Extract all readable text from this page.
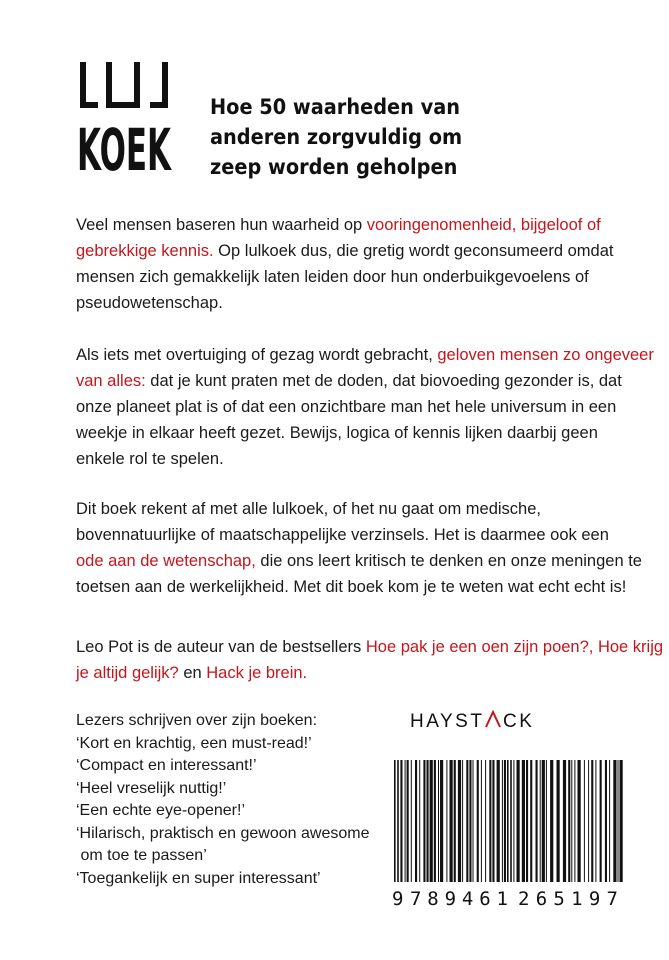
KOEK
Hoe 50 waarheden van
anderen zorgvuldig om
zeep worden geholpen
Veel mensen baseren hun waarheid op vooringenomenheid, bijgeloof of
gebrekkige kennis. Op lulkoek dus, die gretig wordt geconsumeerd omdat
mensen zich gemakkelijk laten leiden door hun onderbuikgevoelens of
pseudowetenschap.
Als iets met overtuiging of gezag wordt gebracht, geloven mensen zo ongeveer
van alles: dat je kunt praten met de doden, dat biovoeding gezonder is, dat
onze planeet plat is of dat een onzichtbare man het hele universum in een
weekje in elkaar heeft gezet. Bewijs, logica of kennis lijken daarbij geen
enkele rol te spelen.
Dit boek rekent af met alle lulkoek, of het nu gaat om medische,
bovennatuurlijke of maatschappelijke verzinsels. Het is daarmee ook een
ode aan de wetenschap, die ons leert kritisch te denken en onze meningen te
toetsen aan de werkelijkheid. Met dit boek kom je te weten wat echt echt is!
Leo Pot is de auteur van de bestsellers Hoe pak je een oen zijn poen?, Hoe krijg
je altijd gelijk? en Hack je brein.
Lezers schrijven over zijn boeken:
‘Kort en krachtig, een must-read!’
‘Compact en interessant!’
‘Heel vreselijk nuttig!’
‘Een echte eye-opener!’
‘Hilarisch, praktisch en gewoon awesome
om toe te passen’
‘Toegankelijk en super interessant’
HAYST CK
9 789461 265197
